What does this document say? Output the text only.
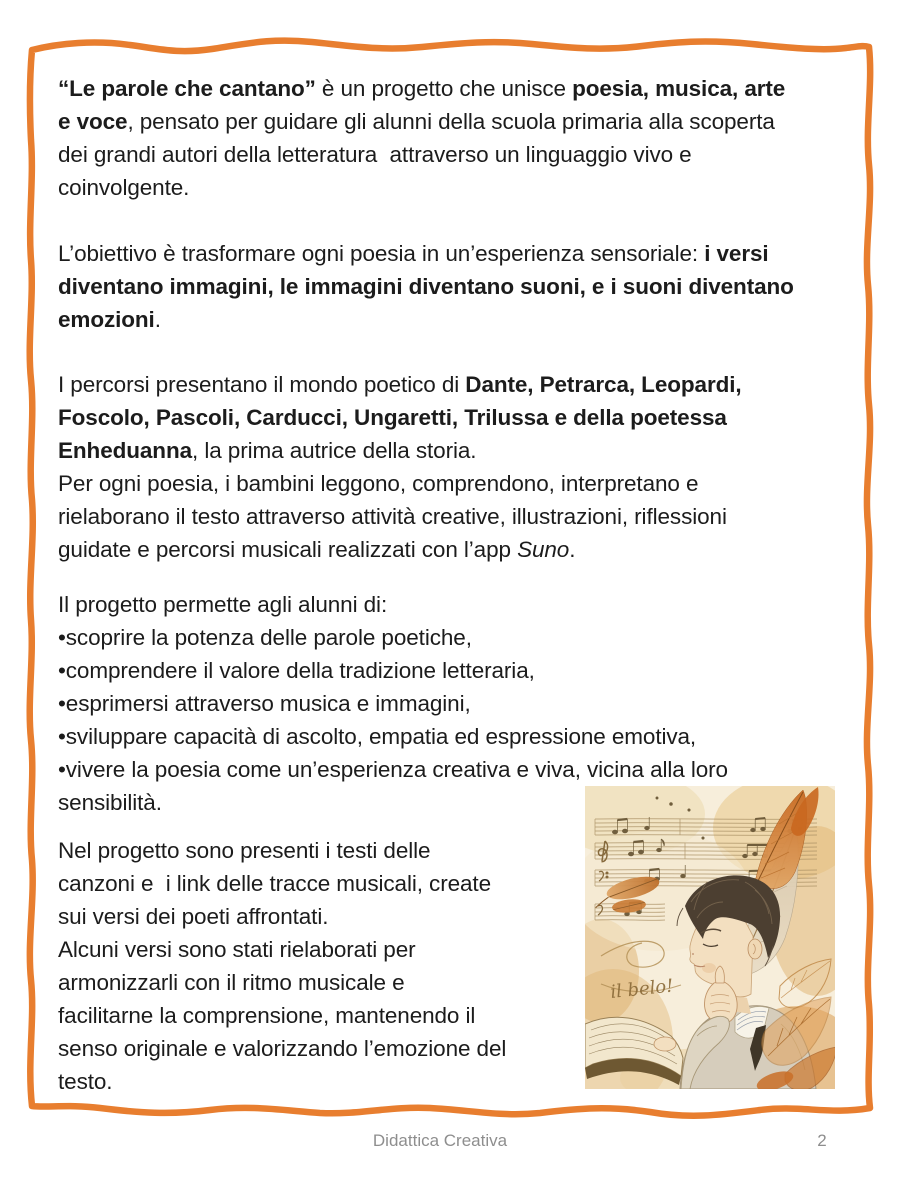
“Le parole che cantano” è un progetto che unisce poesia, musica, arte
e voce, pensato per guidare gli alunni della scuola primaria alla scoperta
dei grandi autori della letteratura  attraverso un linguaggio vivo e
coinvolgente.
L’obiettivo è trasformare ogni poesia in un’esperienza sensoriale: i versi
diventano immagini, le immagini diventano suoni, e i suoni diventano
emozioni.
I percorsi presentano il mondo poetico di Dante, Petrarca, Leopardi,
Foscolo, Pascoli, Carducci, Ungaretti, Trilussa e della poetessa
Enheduanna, la prima autrice della storia.
Per ogni poesia, i bambini leggono, comprendono, interpretano e
rielaborano il testo attraverso attività creative, illustrazioni, riflessioni
guidate e percorsi musicali realizzati con l’app Suno.
Il progetto permette agli alunni di:
•scoprire la potenza delle parole poetiche,
•comprendere il valore della tradizione letteraria,
•esprimersi attraverso musica e immagini,
•sviluppare capacità di ascolto, empatia ed espressione emotiva,
•vivere la poesia come un’esperienza creativa e viva, vicina alla loro
sensibilità.
Nel progetto sono presenti i testi delle
canzoni e  i link delle tracce musicali, create
sui versi dei poeti affrontati.
Alcuni versi sono stati rielaborati per
armonizzarli con il ritmo musicale e
facilitarne la comprensione, mantenendo il
senso originale e valorizzando l’emozione del
testo.
il belo!
Didattica Creativa	2
